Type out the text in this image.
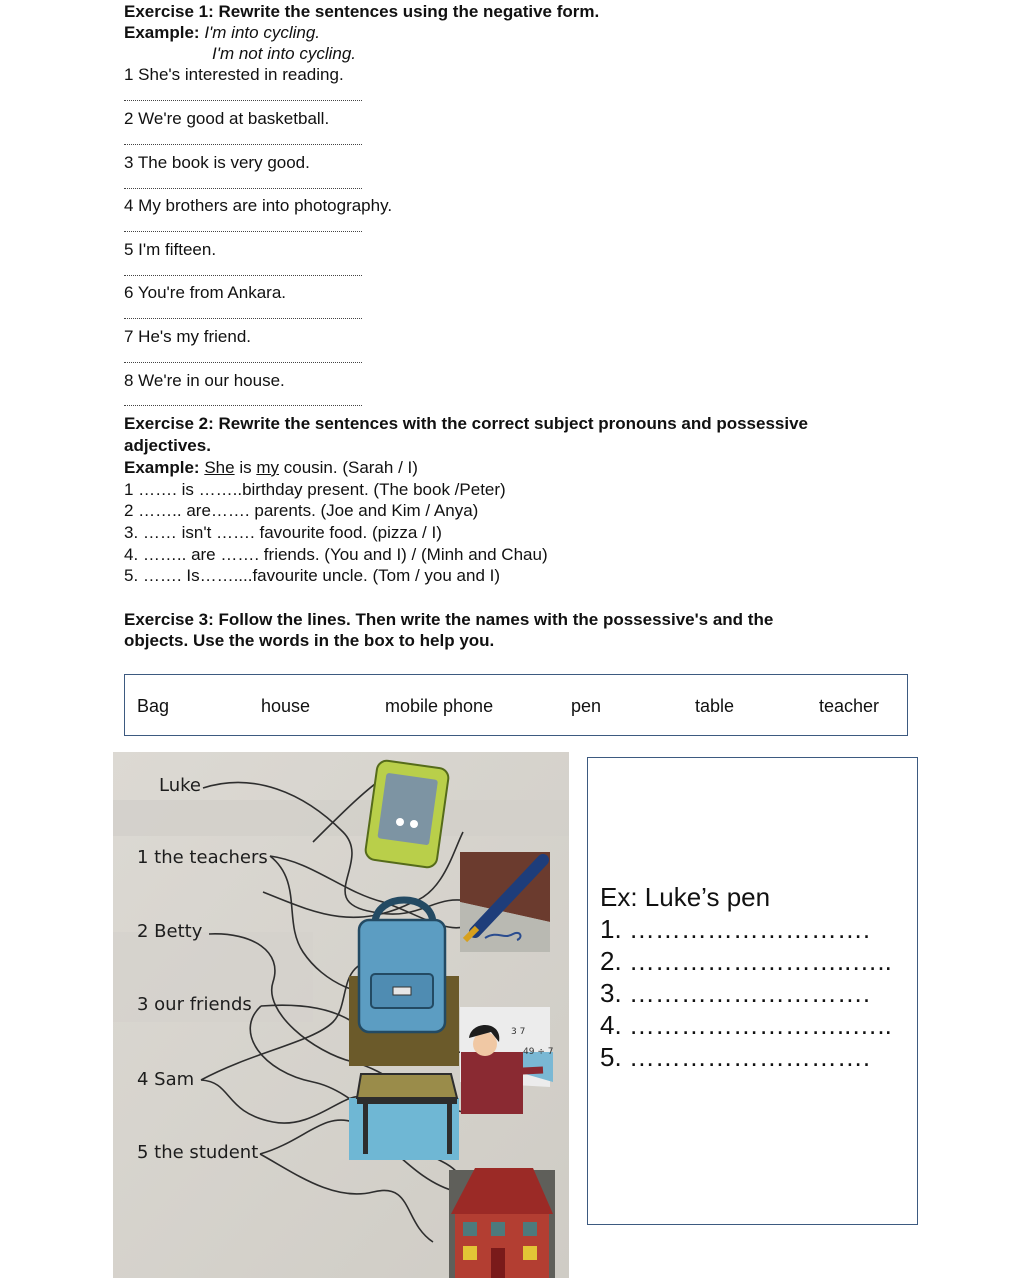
Exercise 1: Rewrite the sentences using the negative form.
Example: I'm into cycling.
I'm not into cycling.
1 She's interested in reading.
2 We're good at basketball.
3 The book is very good.
4 My brothers are into photography.
5 I'm fifteen.
6 You're from Ankara.
7 He's my friend.
8 We're in our house.
Exercise 2: Rewrite the sentences with the correct subject pronouns and possessive
adjectives.
Example: She is my cousin. (Sarah / I)
1 ……. is ……..birthday present. (The book /Peter)
2 …….. are……. parents. (Joe and Kim / Anya)
3. …… isn't ……. favourite food. (pizza / I)
4. …….. are ……. friends. (You and I) / (Minh and Chau)
5. ……. Is……....favourite uncle. (Tom / you and I)
Exercise 3: Follow the lines. Then write the names with the possessive's and the
objects. Use the words in the box to help you.
Bag	house	mobile phone	pen	table	teacher
3 7
49 ÷ 7
Luke
1 the teachers
2 Betty
3 our friends
4 Sam
5 the student
Ex: Luke’s pen
1. ……………………….
2. ……………………..…..
3. ……………………….
4. ……………………..…..
5. ……………………….
